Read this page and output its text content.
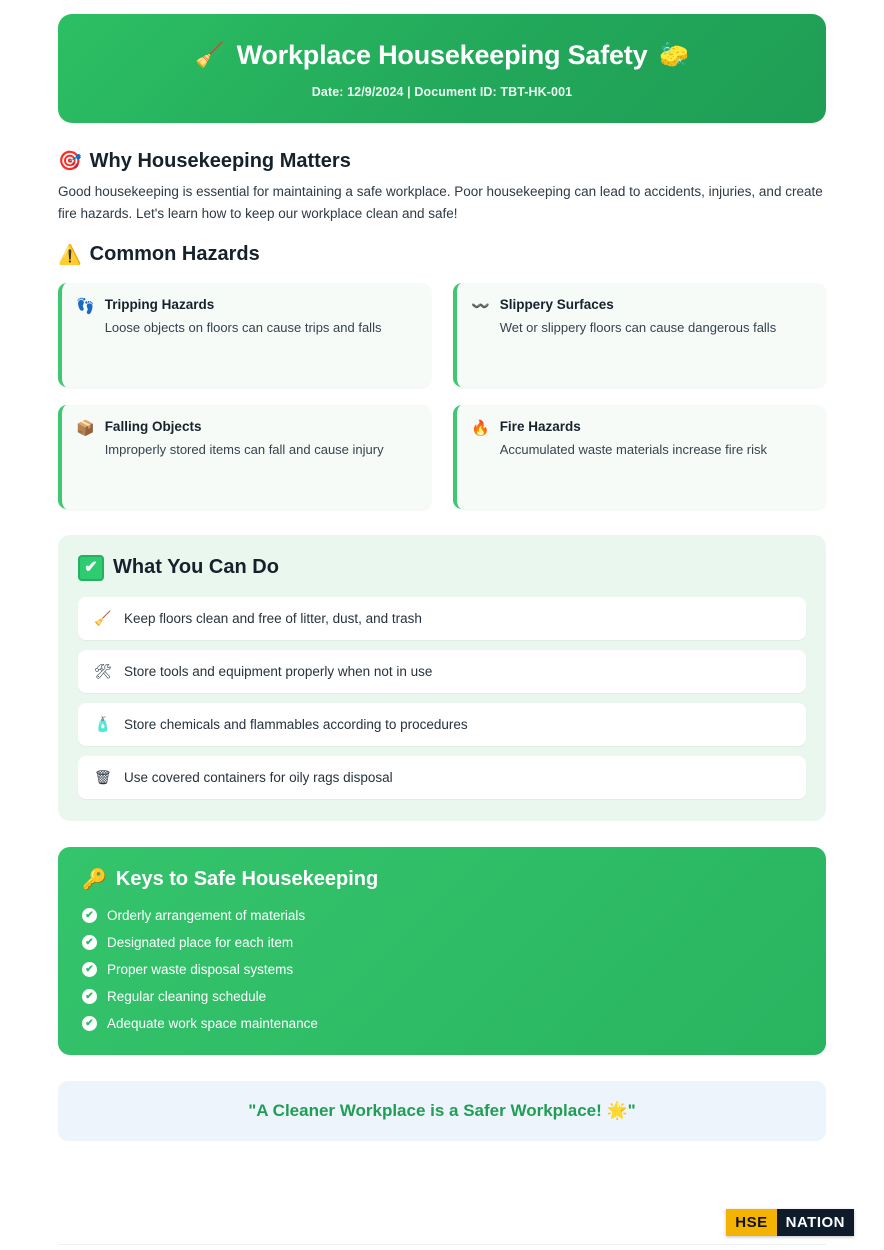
🧹 Workplace Housekeeping Safety 🧽
Date: 12/9/2024 | Document ID: TBT-HK-001
🎯 Why Housekeeping Matters
Good housekeeping is essential for maintaining a safe workplace. Poor housekeeping can lead to accidents, injuries, and create fire hazards. Let's learn how to keep our workplace clean and safe!
⚠️ Common Hazards
👣 Tripping Hazards
Loose objects on floors can cause trips and falls
〰️ Slippery Surfaces
Wet or slippery floors can cause dangerous falls
📦 Falling Objects
Improperly stored items can fall and cause injury
🔥 Fire Hazards
Accumulated waste materials increase fire risk
✔ What You Can Do
🧹 Keep floors clean and free of litter, dust, and trash
🛠 Store tools and equipment properly when not in use
🧴 Store chemicals and flammables according to procedures
🗑 Use covered containers for oily rags disposal
🔑 Keys to Safe Housekeeping
✔ Orderly arrangement of materials
✔ Designated place for each item
✔ Proper waste disposal systems
✔ Regular cleaning schedule
✔ Adequate work space maintenance
"A Cleaner Workplace is a Safer Workplace! 🌟"
HSE	NATION
